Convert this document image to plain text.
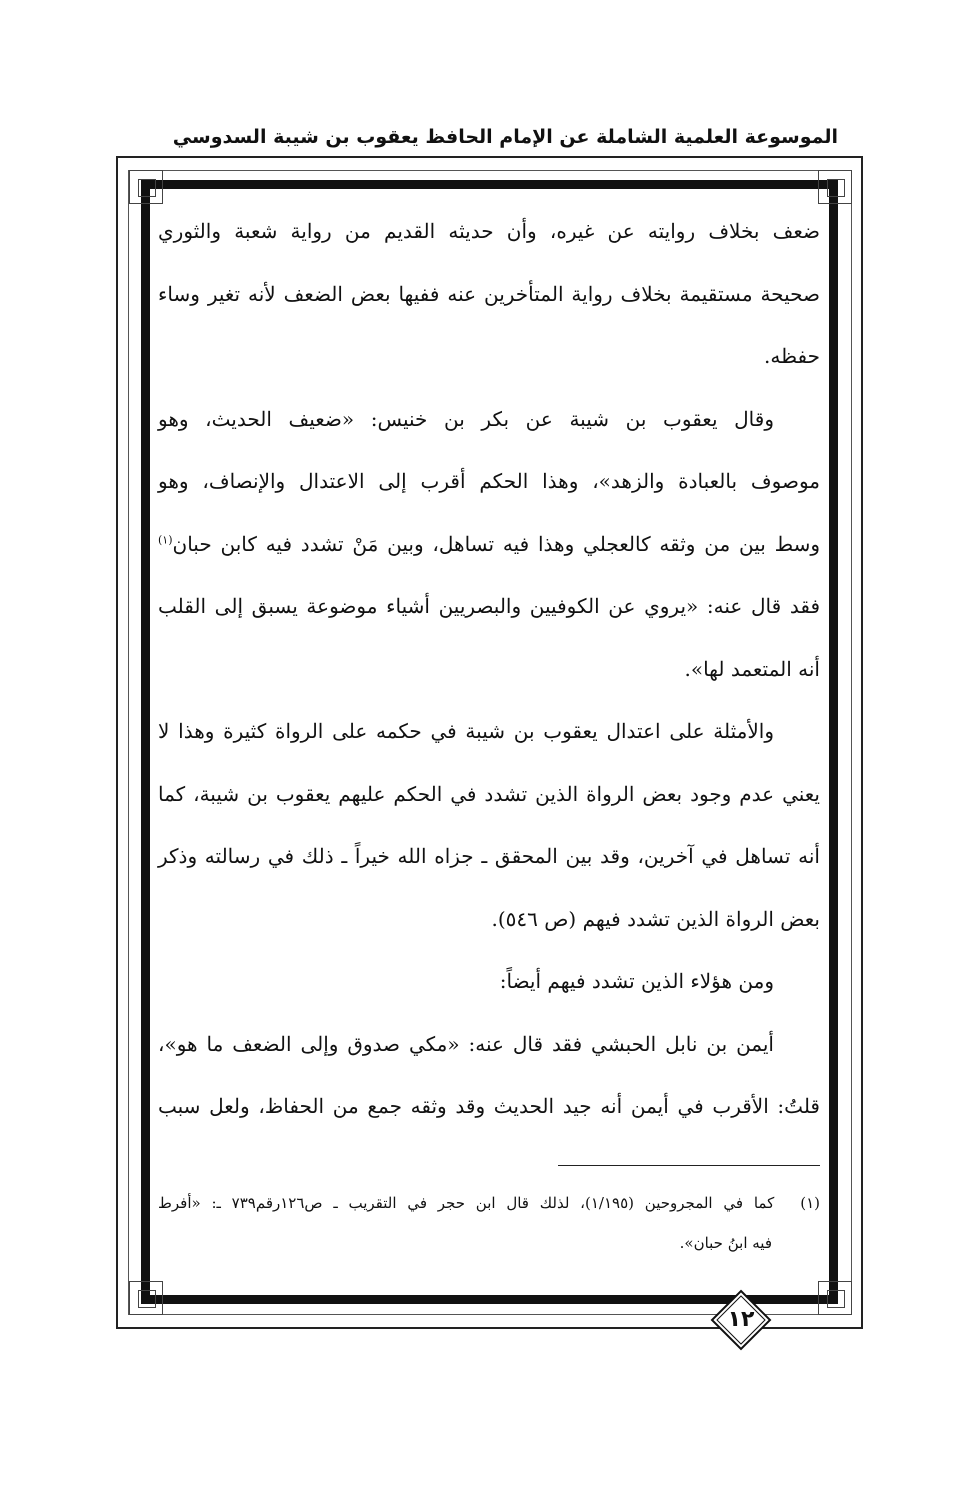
الموسوعة العلمية الشاملة عن الإمام الحافظ يعقوب بن شيبة السدوسي
ضعف بخلاف روايته عن غيره، وأن حديثه القديم من رواية شعبة والثوري
صحيحة مستقيمة بخلاف رواية المتأخرين عنه ففيها بعض الضعف لأنه تغير وساء
حفظه.
وقال يعقوب بن شيبة عن بكر بن خنيس: «ضعيف الحديث، وهو
موصوف بالعبادة والزهد»، وهذا الحكم أقرب إلى الاعتدال والإنصاف، وهو
وسط بين من وثقه كالعجلي وهذا فيه تساهل، وبين مَنْ تشدد فيه كابن حبان$^{(١)}$
فقد قال عنه: «يروي عن الكوفيين والبصريين أشياء موضوعة يسبق إلى القلب
أنه المتعمد لها».
والأمثلة على اعتدال يعقوب بن شيبة في حكمه على الرواة كثيرة وهذا لا
يعني عدم وجود بعض الرواة الذين تشدد في الحكم عليهم يعقوب بن شيبة، كما
أنه تساهل في آخرين، وقد بين المحقق ـ جزاه الله خيراً ـ ذلك في رسالته وذكر
بعض الرواة الذين تشدد فيهم (ص ٥٤٦).
ومن هؤلاء الذين تشدد فيهم أيضاً:
أيمن بن نابل الحبشي فقد قال عنه: «مكي صدوق وإلى الضعف ما هو»،
قلتُ: الأقرب في أيمن أنه جيد الحديث وقد وثقه جمع من الحفاظ، ولعل سبب
(١)
كما في المجروحين (١/١٩٥)، لذلك قال ابن حجر في التقريب ـ ص١٢٦رقم٧٣٩ ـ: «أفرط
فيه ابنُ حبان».
١٢
